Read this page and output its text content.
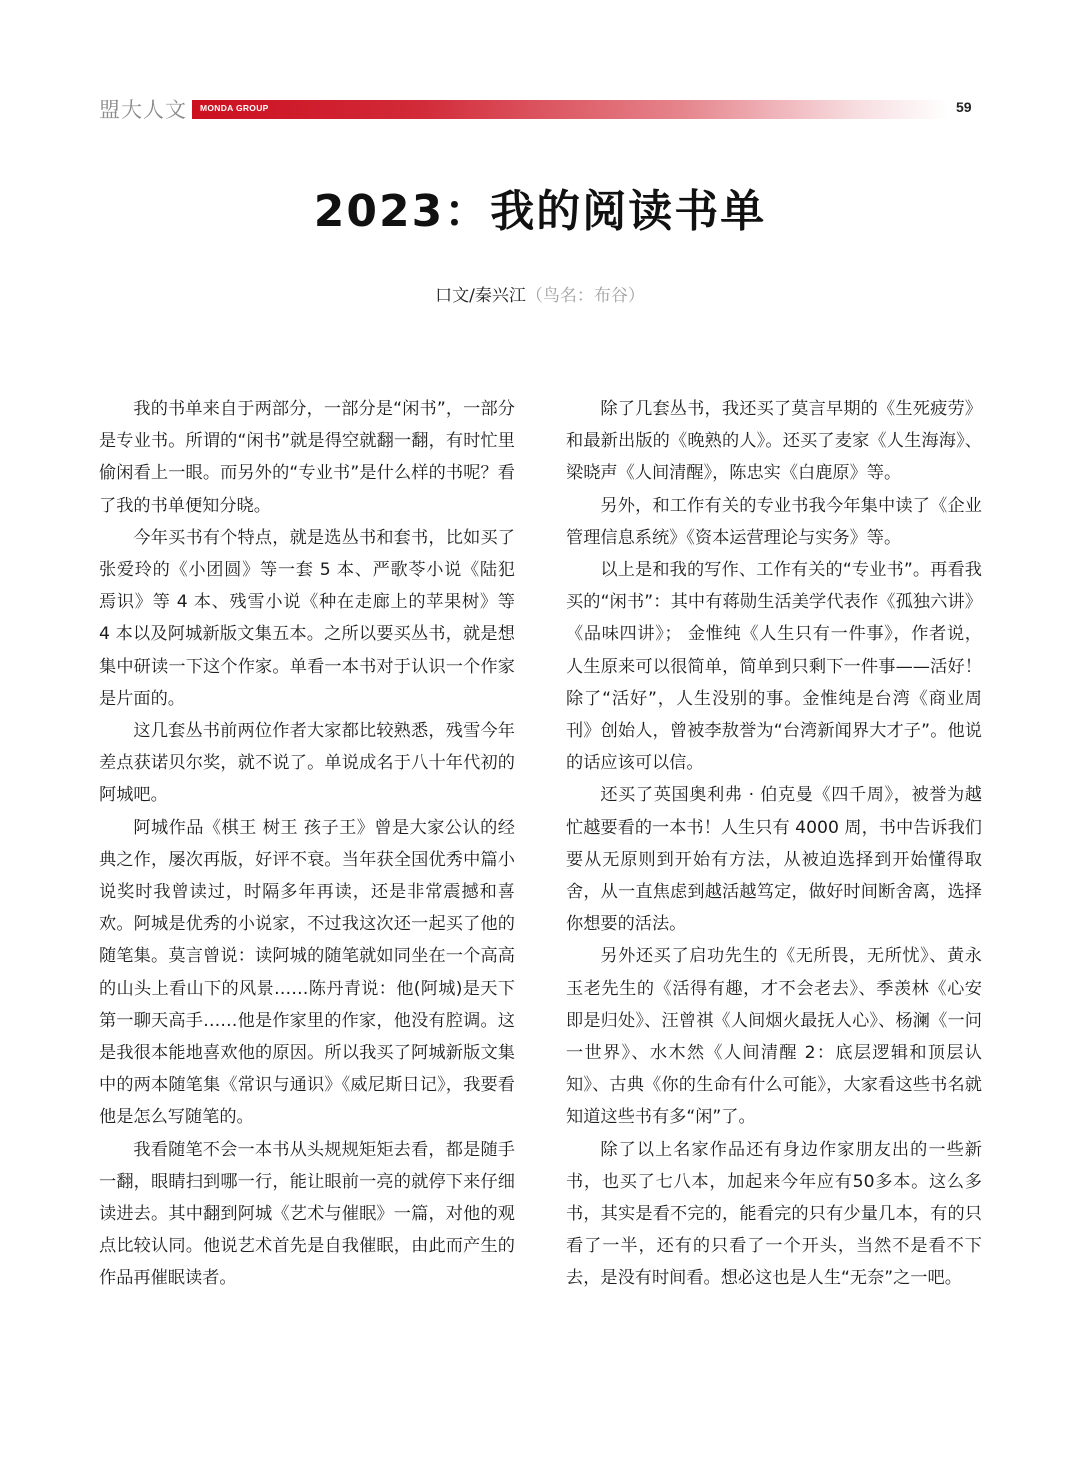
盟大人文 MONDA GROUP	59
2023：我的阅读书单
口文/秦兴江（鸟名：布谷）

我的书单来自于两部分，一部分是“闲书”，一部分是专业书。所谓的“闲书”就是得空就翻一翻，有时忙里偷闲看上一眼。而另外的“专业书”是什么样的书呢？看了我的书单便知分晓。

今年买书有个特点，就是选丛书和套书，比如买了张爱玲的《小团圆》等一套 5 本、严歌苓小说《陆犯焉识》等 4 本、残雪小说《种在走廊上的苹果树》等 4 本以及阿城新版文集五本。之所以要买丛书，就是想集中研读一下这个作家。单看一本书对于认识一个作家是片面的。

这几套丛书前两位作者大家都比较熟悉，残雪今年差点获诺贝尔奖，就不说了。单说成名于八十年代初的阿城吧。

阿城作品《棋王 树王 孩子王》曾是大家公认的经典之作，屡次再版，好评不衰。当年获全国优秀中篇小说奖时我曾读过，时隔多年再读，还是非常震撼和喜欢。阿城是优秀的小说家，不过我这次还一起买了他的随笔集。莫言曾说：读阿城的随笔就如同坐在一个高高的山头上看山下的风景……陈丹青说：他(阿城)是天下第一聊天高手……他是作家里的作家，他没有腔调。这是我很本能地喜欢他的原因。所以我买了阿城新版文集中的两本随笔集《常识与通识》《威尼斯日记》，我要看他是怎么写随笔的。

我看随笔不会一本书从头规规矩矩去看，都是随手一翻，眼睛扫到哪一行，能让眼前一亮的就停下来仔细读进去。其中翻到阿城《艺术与催眠》一篇，对他的观点比较认同。他说艺术首先是自我催眠，由此而产生的作品再催眠读者。

除了几套丛书，我还买了莫言早期的《生死疲劳》和最新出版的《晚熟的人》。还买了麦家《人生海海》、梁晓声《人间清醒》，陈忠实《白鹿原》等。

另外，和工作有关的专业书我今年集中读了《企业管理信息系统》《资本运营理论与实务》等。

以上是和我的写作、工作有关的“专业书”。再看我买的“闲书”：其中有蒋勋生活美学代表作《孤独六讲》《品味四讲》； 金惟纯《人生只有一件事》，作者说，人生原来可以很简单，简单到只剩下一件事——活好！除了“活好”，人生没别的事。金惟纯是台湾《商业周刊》创始人，曾被李敖誉为“台湾新闻界大才子”。他说的话应该可以信。

还买了英国奥利弗 · 伯克曼《四千周》，被誉为越忙越要看的一本书！人生只有 4000 周，书中告诉我们要从无原则到开始有方法，从被迫选择到开始懂得取舍，从一直焦虑到越活越笃定，做好时间断舍离，选择你想要的活法。

另外还买了启功先生的《无所畏，无所忧》、黄永玉老先生的《活得有趣，才不会老去》、季羡林《心安即是归处》、汪曾祺《人间烟火最抚人心》、杨澜《一问一世界》、水木然《人间清醒 2：底层逻辑和顶层认知》、古典《你的生命有什么可能》，大家看这些书名就知道这些书有多“闲”了。

除了以上名家作品还有身边作家朋友出的一些新书，也买了七八本，加起来今年应有50多本。这么多书，其实是看不完的，能看完的只有少量几本，有的只看了一半，还有的只看了一个开头，当然不是看不下去，是没有时间看。想必这也是人生“无奈”之一吧。
